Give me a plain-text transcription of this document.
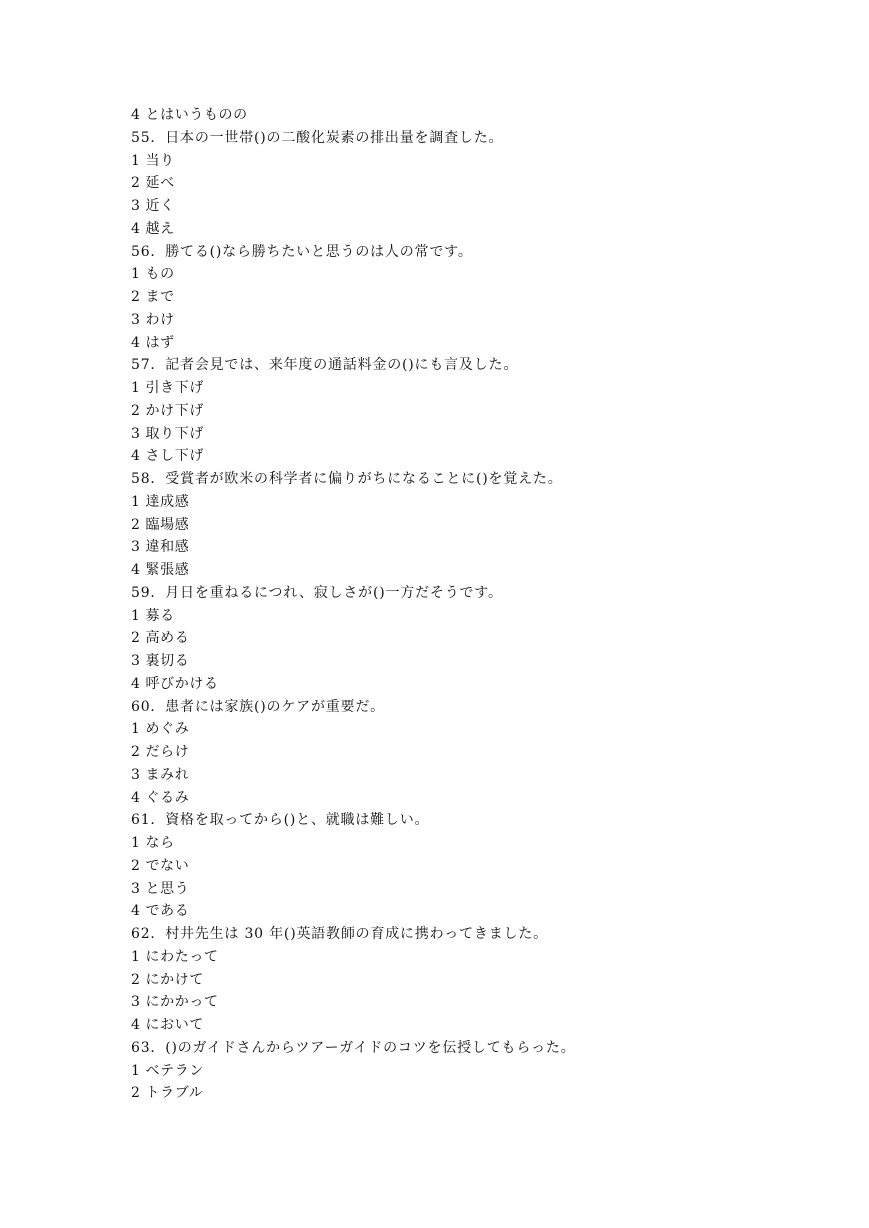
4 とはいうものの
55．日本の一世帯()の二酸化炭素の排出量を調査した。
1 当り
2 延べ
3 近く
4 越え
56．勝てる()なら勝ちたいと思うのは人の常です。
1 もの
2 まで
3 わけ
4 はず
57．記者会見では、来年度の通話料金の()にも言及した。
1 引き下げ
2 かけ下げ
3 取り下げ
4 さし下げ
58．受賞者が欧米の科学者に偏りがちになることに()を覚えた。
1 達成感
2 臨場感
3 違和感
4 緊張感
59．月日を重ねるにつれ、寂しさが()一方だそうです。
1 募る
2 高める
3 裏切る
4 呼びかける
60．患者には家族()のケアが重要だ。
1 めぐみ
2 だらけ
3 まみれ
4 ぐるみ
61．資格を取ってから()と、就職は難しい。
1 なら
2 でない
3 と思う
4 である
62．村井先生は 30 年()英語教師の育成に携わってきました。
1 にわたって
2 にかけて
3 にかかって
4 において
63．()のガイドさんからツアーガイドのコツを伝授してもらった。
1 ベテラン
2 トラブル
